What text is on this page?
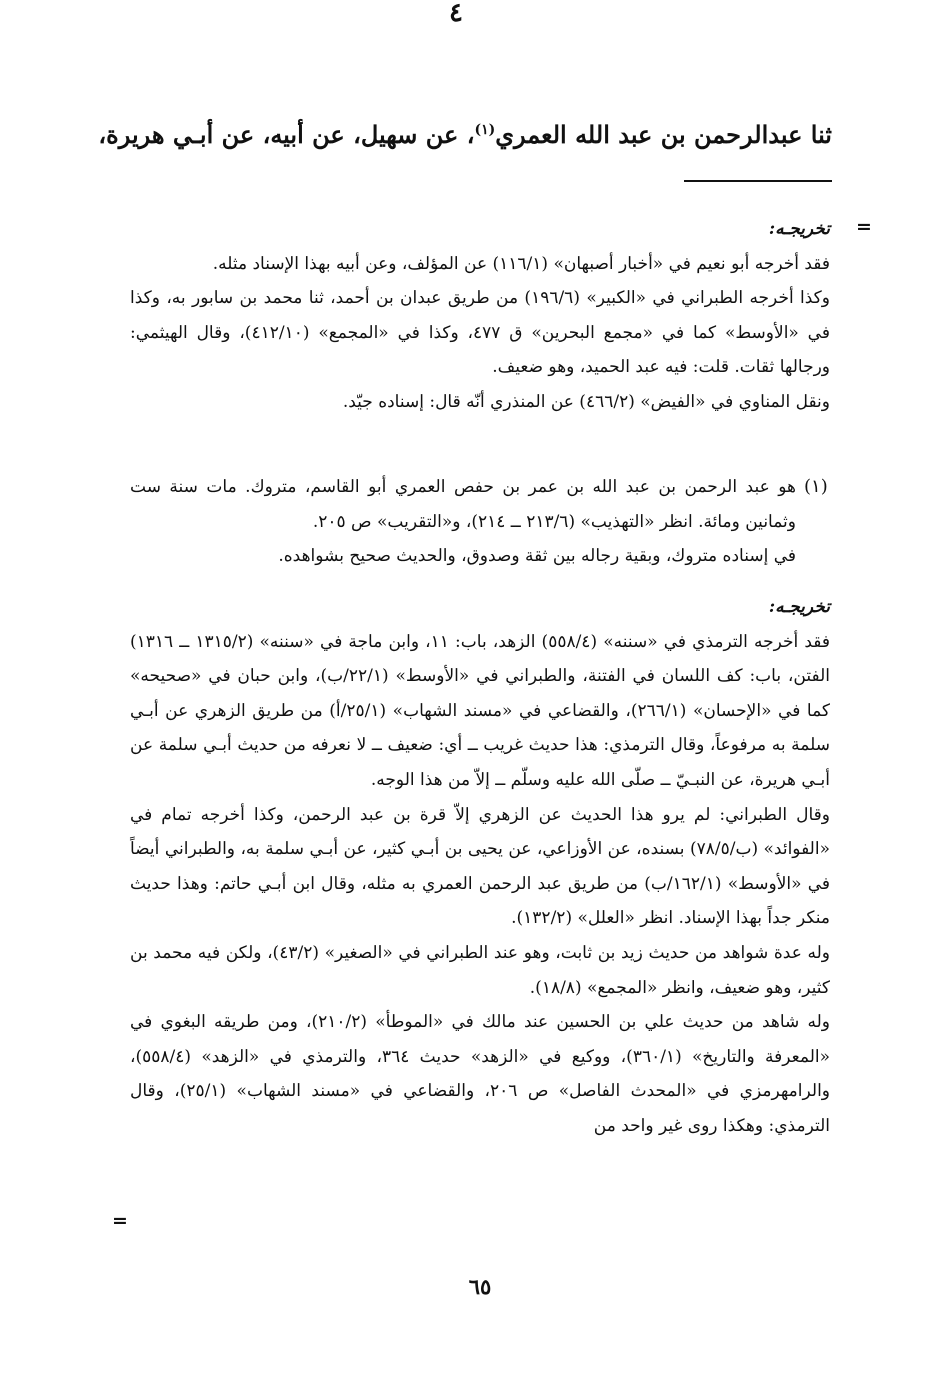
٤
ثنا عبدالرحمن بن عبد الله العمري$^{(١)}$، عن سهيل، عن أبيه، عن أبـي هريرة،
=

تخريجـه:

فقد أخرجه أبو نعيم في «أخبار أصبهان» (١١٦/١) عن المؤلف، وعن أبيه بهذا الإسناد مثله.

وكذا أخرجه الطبراني في «الكبير» (١٩٦/٦) من طريق عبدان بن أحمد، ثنا محمد بن سابور به، وكذا في «الأوسط» كما في «مجمع البحرين» ق ٤٧٧، وكذا في «المجمع» (٤١٢/١٠)، وقال الهيثمي: ورجالها ثقات. قلت: فيه عبد الحميد، وهو ضعيف.

ونقل المناوي في «الفيض» (٤٦٦/٢) عن المنذري أنّه قال: إسناده جيّد.

(١)

هو عبد الرحمن بن عبد الله بن عمر بن حفص العمري أبو القاسم، متروك. مات سنة ست وثمانين ومائة. انظر «التهذيب» (٢١٣/٦ ــ ٢١٤)، و«التقريب» ص ٢٠٥.

في إسناده متروك، وبقية رجاله بين ثقة وصدوق، والحديث صحيح بشواهده.

تخريجـه:

فقد أخرجه الترمذي في «سننه» (٥٥٨/٤) الزهد، باب: ١١، وابن ماجة في «سننه» (١٣١٥/٢ ــ ١٣١٦) الفتن، باب: كف اللسان في الفتنة، والطبراني في «الأوسط» (٢٢/١/ب)، وابن حبان في «صحيحه» كما في «الإحسان» (٢٦٦/١)، والقضاعي في «مسند الشهاب» (٢٥/١/أ) من طريق الزهري عن أبـي سلمة به مرفوعاً، وقال الترمذي: هذا حديث غريب ــ أي: ضعيف ــ لا نعرفه من حديث أبـي سلمة عن أبـي هريرة، عن النبـيّ ــ صلّى الله عليه وسلّم ــ إلاّ من هذا الوجه.

وقال الطبراني: لم يرو هذا الحديث عن الزهري إلاّ قرة بن عبد الرحمن، وكذا أخرجه تمام في «الفوائد» (ب/٧٨/٥) بسنده، عن الأوزاعي، عن يحيى بن أبـي كثير، عن أبـي سلمة به، والطبراني أيضاً في «الأوسط» (١٦٢/١/ب) من طريق عبد الرحمن العمري به مثله، وقال ابن أبـي حاتم: وهذا حديث منكر جداً بهذا الإسناد. انظر «العلل» (١٣٢/٢).

وله عدة شواهد من حديث زيد بن ثابت، وهو عند الطبراني في «الصغير» (٤٣/٢)، ولكن فيه محمد بن كثير، وهو ضعيف، وانظر «المجمع» (١٨/٨).

وله شاهد من حديث علي بن الحسين عند مالك في «الموطأ» (٢١٠/٢)، ومن طريقه البغوي في «المعرفة والتاريخ» (٣٦٠/١)، ووكيع في «الزهد» حديث ٣٦٤، والترمذي في «الزهد» (٥٥٨/٤)، والرامهرمزي في «المحدث الفاصل» ص ٢٠٦، والقضاعي في «مسند الشهاب» (٢٥/١)، وقال الترمذي: وهكذا روى غير واحد من

=
٦٥
